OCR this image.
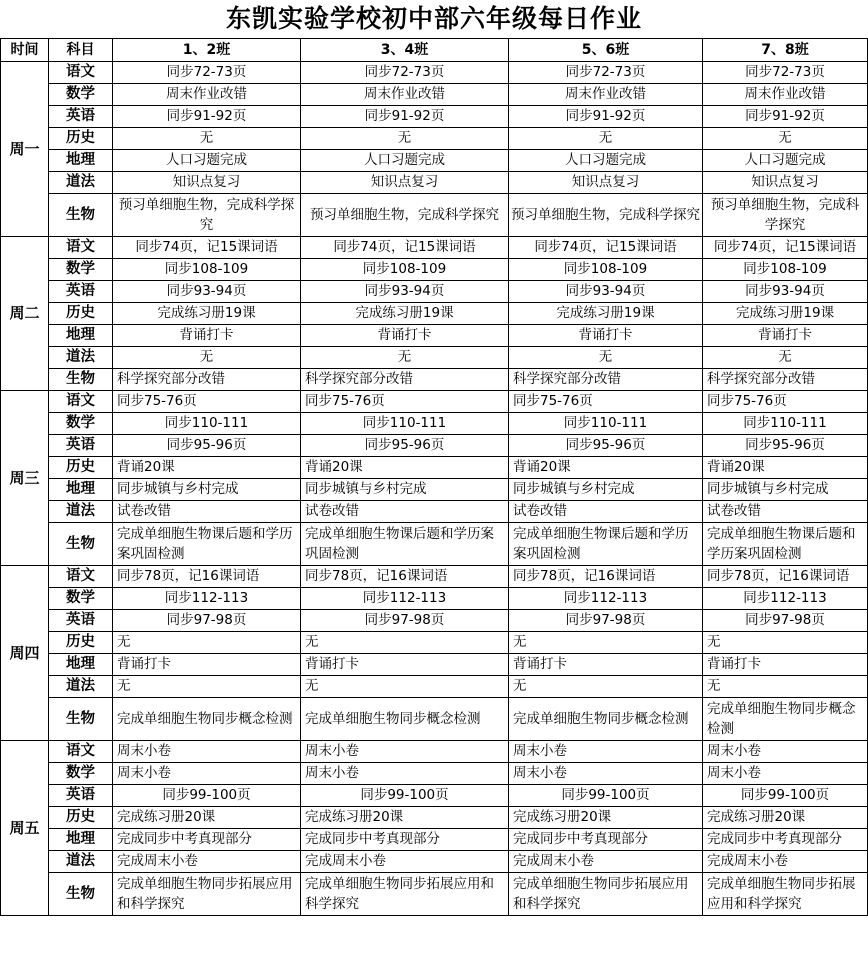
东凯实验学校初中部六年级每日作业
时间	科目	1、2班	3、4班	5、6班	7、8班
周一	语文	同步72-73页	同步72-73页	同步72-73页	同步72-73页
	数学	周末作业改错	周末作业改错	周末作业改错	周末作业改错
	英语	同步91-92页	同步91-92页	同步91-92页	同步91-92页
	历史	无	无	无	无
	地理	人口习题完成	人口习题完成	人口习题完成	人口习题完成
	道法	知识点复习	知识点复习	知识点复习	知识点复习
	生物	预习单细胞生物，完成科学探究	预习单细胞生物，完成科学探究	预习单细胞生物，完成科学探究	预习单细胞生物，完成科学探究
周二	语文	同步74页，记15课词语	同步74页，记15课词语	同步74页，记15课词语	同步74页，记15课词语
	数学	同步108-109	同步108-109	同步108-109	同步108-109
	英语	同步93-94页	同步93-94页	同步93-94页	同步93-94页
	历史	完成练习册19课	完成练习册19课	完成练习册19课	完成练习册19课
	地理	背诵打卡	背诵打卡	背诵打卡	背诵打卡
	道法	无	无	无	无
	生物	科学探究部分改错	科学探究部分改错	科学探究部分改错	科学探究部分改错
周三	语文	同步75-76页	同步75-76页	同步75-76页	同步75-76页
	数学	同步110-111	同步110-111	同步110-111	同步110-111
	英语	同步95-96页	同步95-96页	同步95-96页	同步95-96页
	历史	背诵20课	背诵20课	背诵20课	背诵20课
	地理	同步城镇与乡村完成	同步城镇与乡村完成	同步城镇与乡村完成	同步城镇与乡村完成
	道法	试卷改错	试卷改错	试卷改错	试卷改错
	生物	完成单细胞生物课后题和学历案巩固检测	完成单细胞生物课后题和学历案巩固检测	完成单细胞生物课后题和学历案巩固检测	完成单细胞生物课后题和学历案巩固检测
周四	语文	同步78页，记16课词语	同步78页，记16课词语	同步78页，记16课词语	同步78页，记16课词语
	数学	同步112-113	同步112-113	同步112-113	同步112-113
	英语	同步97-98页	同步97-98页	同步97-98页	同步97-98页
	历史	无	无	无	无
	地理	背诵打卡	背诵打卡	背诵打卡	背诵打卡
	道法	无	无	无	无
	生物	完成单细胞生物同步概念检测	完成单细胞生物同步概念检测	完成单细胞生物同步概念检测	完成单细胞生物同步概念检测
周五	语文	周末小卷	周末小卷	周末小卷	周末小卷
	数学	周末小卷	周末小卷	周末小卷	周末小卷
	英语	同步99-100页	同步99-100页	同步99-100页	同步99-100页
	历史	完成练习册20课	完成练习册20课	完成练习册20课	完成练习册20课
	地理	完成同步中考真现部分	完成同步中考真现部分	完成同步中考真现部分	完成同步中考真现部分
	道法	完成周末小卷	完成周末小卷	完成周末小卷	完成周末小卷
	生物	完成单细胞生物同步拓展应用和科学探究	完成单细胞生物同步拓展应用和科学探究	完成单细胞生物同步拓展应用和科学探究	完成单细胞生物同步拓展应用和科学探究
